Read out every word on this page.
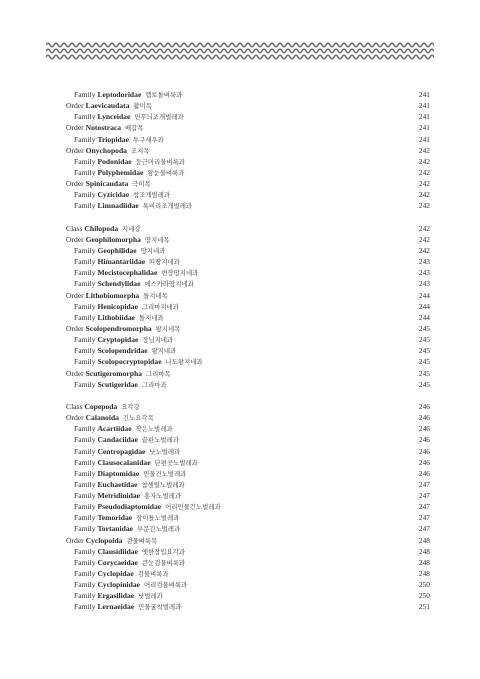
Family Leptodoridae 렙토돌벼룩과	241
Order Laevicaudata 활미목	241
Family Lynceidae 민무늬조개벌레과	241
Order Notostraca 배갑목	241
Family Triopidae 투구새우과	241
Order Onychopoda 조지목	242
Family Podonidae 둥근머리물벼룩과	242
Family Polyphemidae 왕눈물벼룩과	242
Order Spinicaudata 극미목	242
Family Cyzicidae 참조개벌레과	242
Family Limnadiidae 톡비리조개벌레과	242
Class Chilopoda 지네강	242
Order Geophilomorpha 땅지네목	242
Family Geophilidae 땅지네과	242
Family Himantariidae 띠땅지네과	243
Family Mecistocephalidae 변장땅지네과	243
Family Schendylidae 에스카라땅지네과	243
Order Lithobiomorpha 돌지네목	244
Family Henicopidae 그리마지네과	244
Family Lithobiidae 돌지네과	244
Order Scolopendromorpha 왕지네목	245
Family Cryptopidae 장님지네과	245
Family Scolopendridae 왕지네과	245
Family Scolopocryptopidae 나도왕지네과	245
Order Scutigeromorpha 그리마목	245
Family Scutigeridae 그리마과	245
Class Copepoda 요각강	246
Order Calanoida 긴노요각목	246
Family Acartiidae 작은노벌레과	246
Family Candaciidae 끝판노벌레과	246
Family Centropagidae 낫노벌레과	246
Family Clausocalanidae 단편곳노벌레과	246
Family Diaptomidae 민물긴노벌레과	246
Family Euchaetidae 참센털노벌레과	247
Family Metridinidae 홍자노벌레과	247
Family Pseudodiaptomidae 어리민물긴노벌레과	247
Family Temoridae 잠이틀노벌레과	247
Family Tortanidae 부문긴노벌레과	247
Order Cyclopoida 검물벼룩목	248
Family Clausidiidae 옛한장입요각과	248
Family Corycaeidae 큰눈검물벼룩과	248
Family Cyclopidae 검물벼룩과	248
Family Cyclopinidae 어리검물벼룩과	250
Family Ergasilidae 낫벌레과	250
Family Lernaeidae 민물굴착벌레과	251
